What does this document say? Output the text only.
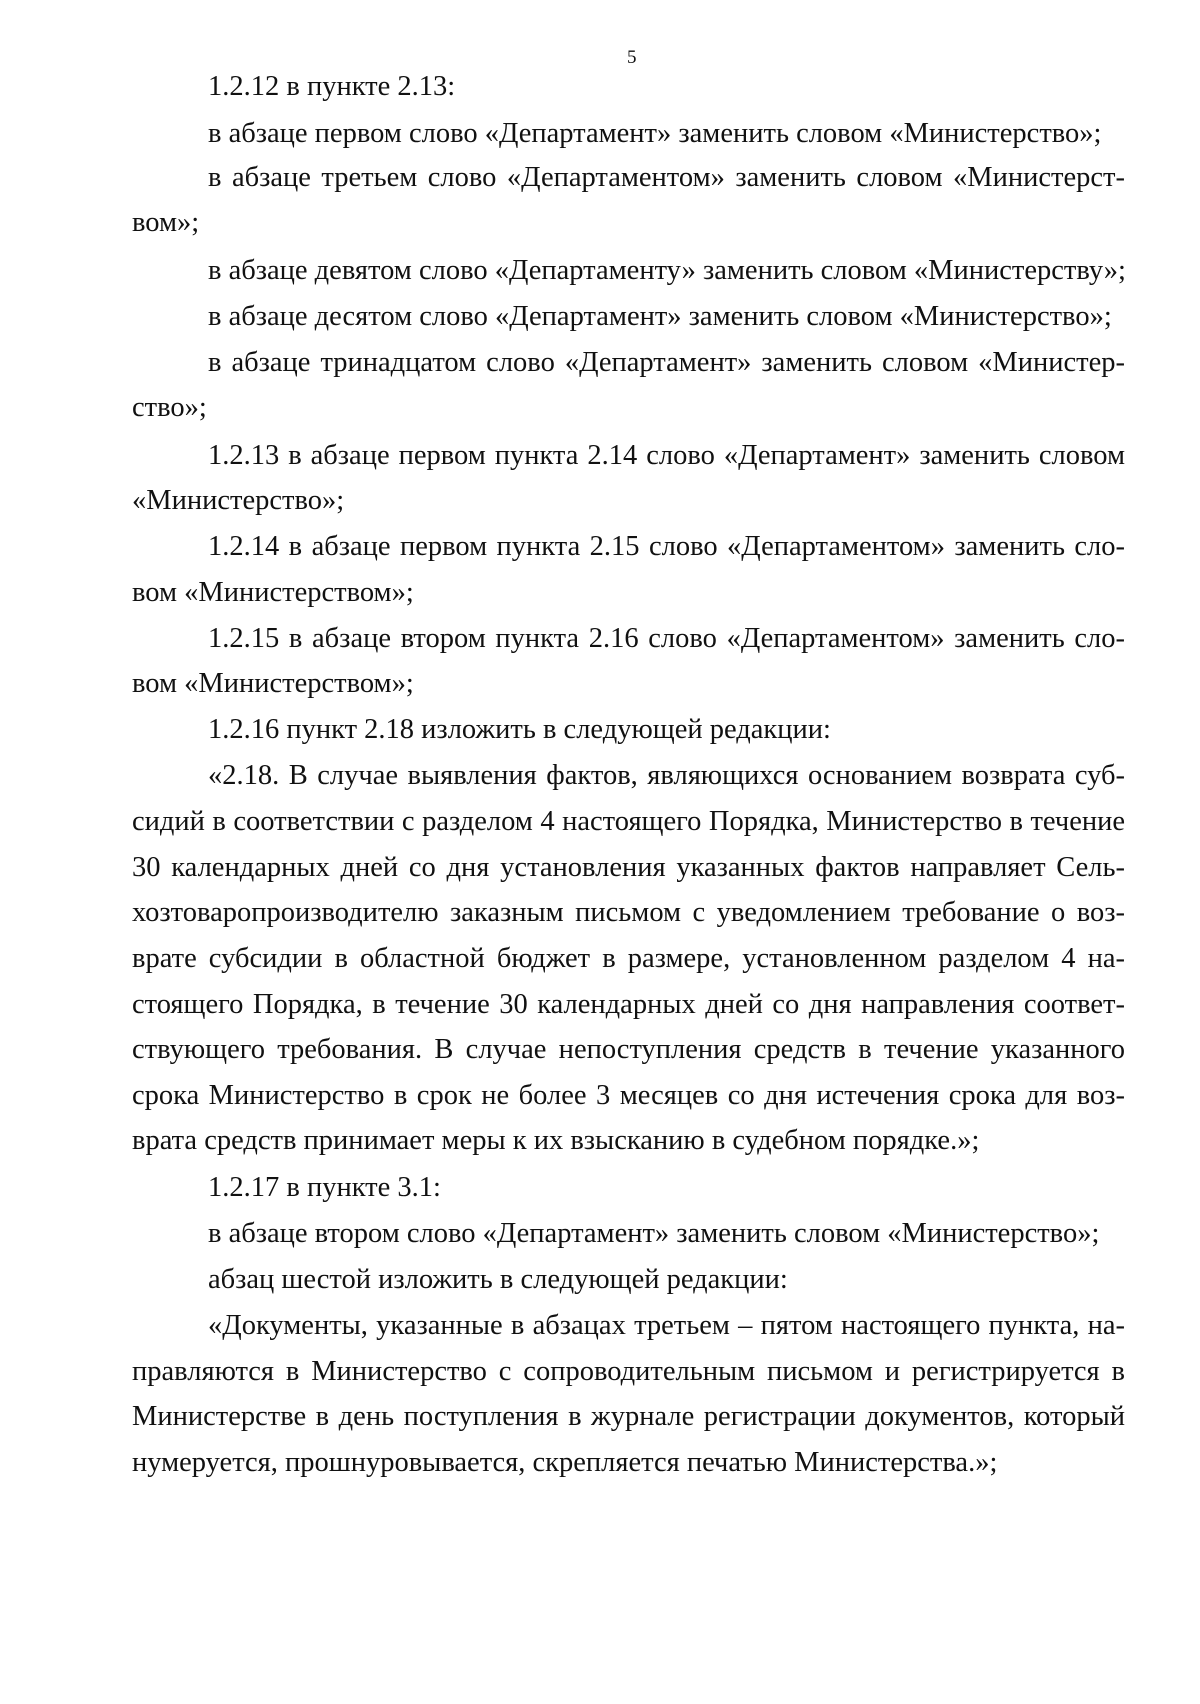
5
1.2.12 в пункте 2.13:
в абзаце первом слово «Департамент» заменить словом «Министерство»;
в абзаце третьем слово «Департаментом» заменить словом «Министерст-
вом»;
в абзаце девятом слово «Департаменту» заменить словом «Министерству»;
в абзаце десятом слово «Департамент» заменить словом «Министерство»;
в абзаце тринадцатом слово «Департамент» заменить словом «Министер-
ство»;
1.2.13 в абзаце первом пункта 2.14 слово «Департамент» заменить словом
«Министерство»;
1.2.14 в абзаце первом пункта 2.15 слово «Департаментом» заменить сло-
вом «Министерством»;
1.2.15 в абзаце втором пункта 2.16 слово «Департаментом» заменить сло-
вом «Министерством»;
1.2.16 пункт 2.18 изложить в следующей редакции:
«2.18. В случае выявления фактов, являющихся основанием возврата суб-
сидий в соответствии с разделом 4 настоящего Порядка, Министерство в течение
30 календарных дней со дня установления указанных фактов направляет Сель-
хозтоваропроизводителю заказным письмом с уведомлением требование о воз-
врате субсидии в областной бюджет в размере, установленном разделом 4 на-
стоящего Порядка, в течение 30 календарных дней со дня направления соответ-
ствующего требования. В случае непоступления средств в течение указанного
срока Министерство в срок не более 3 месяцев со дня истечения срока для воз-
врата средств принимает меры к их взысканию в судебном порядке.»;
1.2.17 в пункте 3.1:
в абзаце втором слово «Департамент» заменить словом «Министерство»;
абзац шестой изложить в следующей редакции:
«Документы, указанные в абзацах третьем – пятом настоящего пункта, на-
правляются в Министерство с сопроводительным письмом и регистрируется в
Министерстве в день поступления в журнале регистрации документов, который
нумеруется, прошнуровывается, скрепляется печатью Министерства.»;
